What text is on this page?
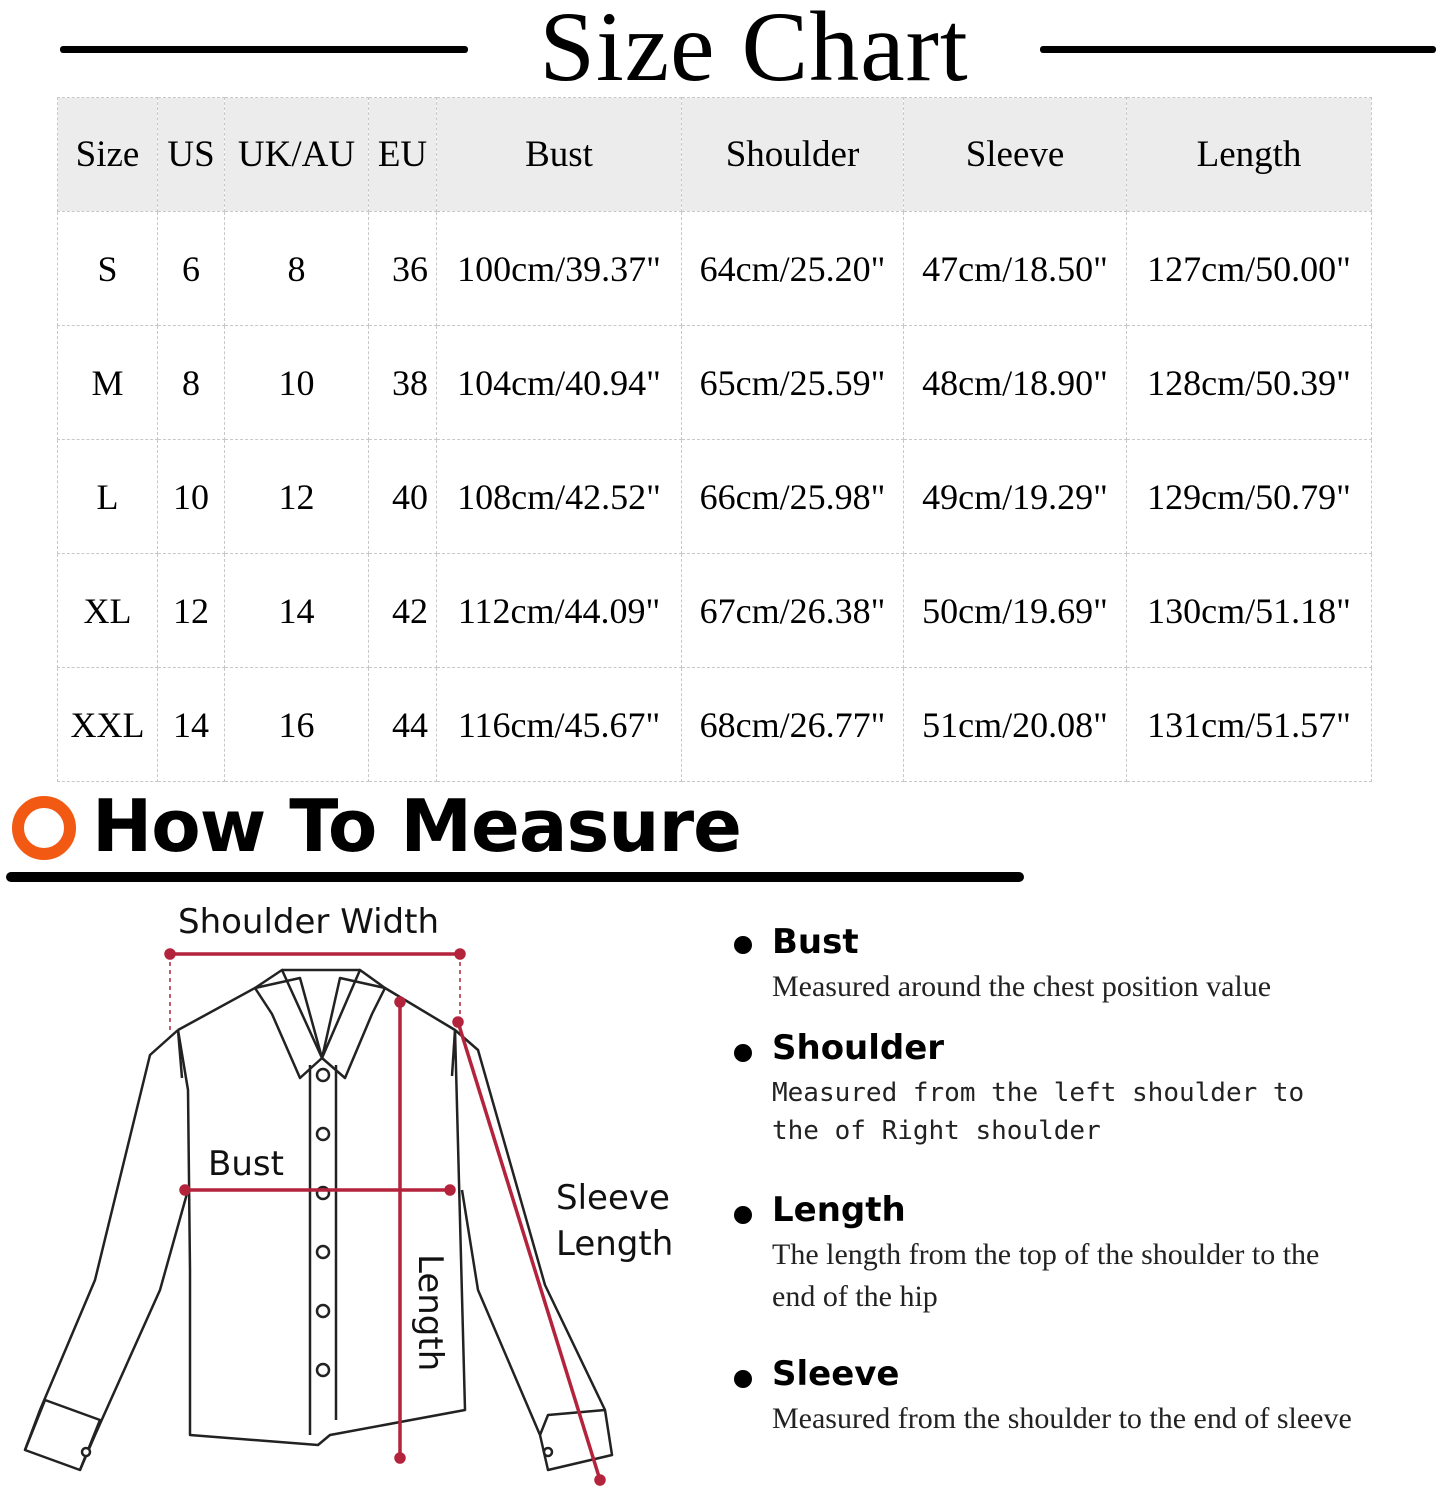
Size Chart
Size	US	UK/AU	EU	Bust	Shoulder	Sleeve	Length
S	6	8	36	100cm/39.37"	64cm/25.20"	47cm/18.50"	127cm/50.00"
M	8	10	38	104cm/40.94"	65cm/25.59"	48cm/18.90"	128cm/50.39"
L	10	12	40	108cm/42.52"	66cm/25.98"	49cm/19.29"	129cm/50.79"
XL	12	14	42	112cm/44.09"	67cm/26.38"	50cm/19.69"	130cm/51.18"
XXL	14	16	44	116cm/45.67"	68cm/26.77"	51cm/20.08"	131cm/51.57"
How To Measure
Shoulder Width
Bust
Sleeve
Length
Length
Bust
Measured around the chest position value
Shoulder
Measured from the left shoulder to the of Right shoulder
Length
The length from the top of the shoulder to the end of the hip
Sleeve
Measured from the shoulder to the end of sleeve
